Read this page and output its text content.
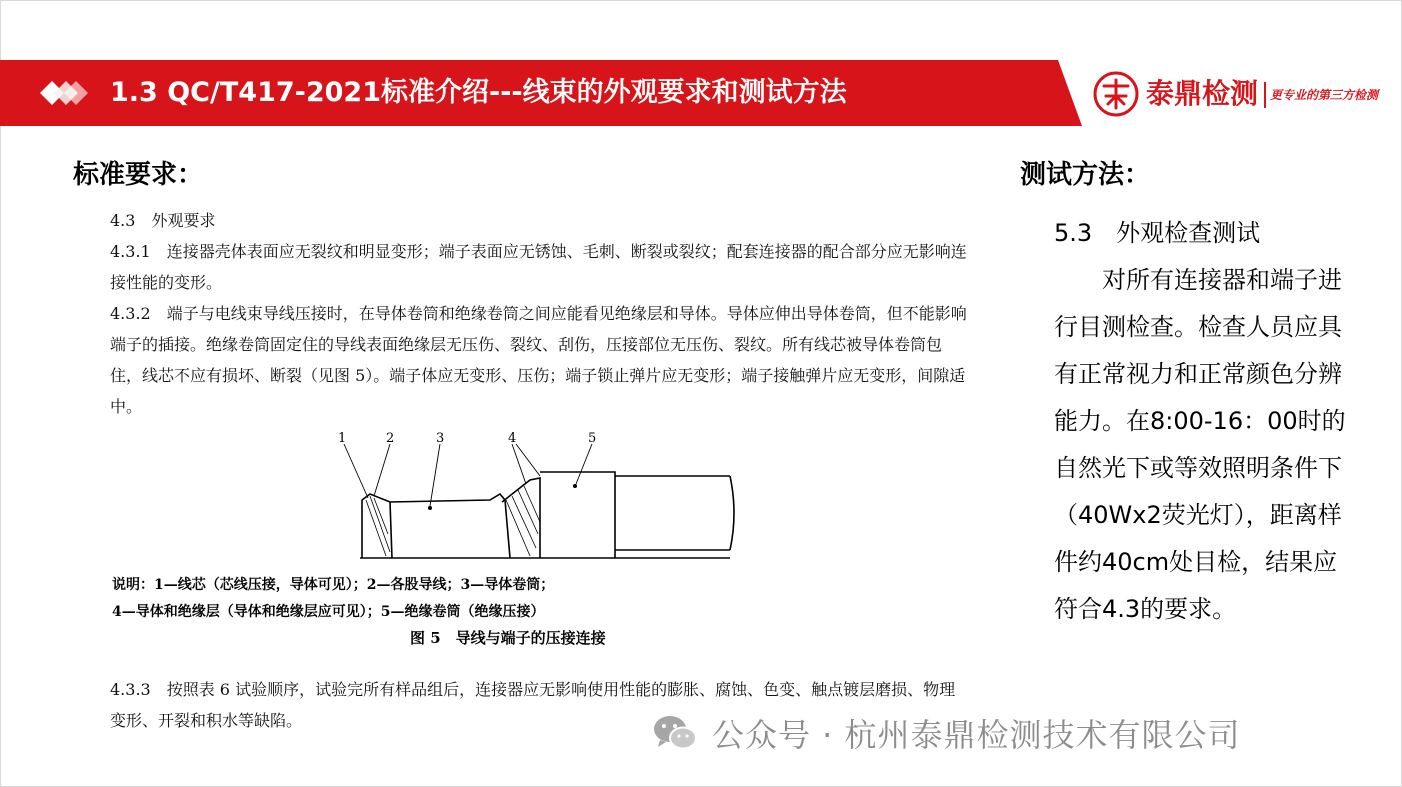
1.3 QC/T417-2021标准介绍---线束的外观要求和测试方法	泰鼎检测 更专业的第三方检测
标准要求：	测试方法：

4.3　外观要求

4.3.1　连接器壳体表面应无裂纹和明显变形；端子表面应无锈蚀、毛刺、断裂或裂纹；配套连接器的配合部分应无影响连接性能的变形。

4.3.2　端子与电线束导线压接时，在导体卷筒和绝缘卷筒之间应能看见绝缘层和导体。导体应伸出导体卷筒，但不能影响端子的插接。绝缘卷筒固定住的导线表面绝缘层无压伤、裂纹、刮伤，压接部位无压伤、裂纹。所有线芯被导体卷筒包住，线芯不应有损坏、断裂（见图 5）。端子体应无变形、压伤；端子锁止弹片应无变形；端子接触弹片应无变形，间隙适中。

1	2	3	4	5
说明：1—线芯（芯线压接，导体可见）；2—各股导线；3—导体卷筒；
4—导体和绝缘层（导体和绝缘层应可见）；5—绝缘卷筒（绝缘压接）
图 5　导线与端子的压接连接

4.3.3　按照表 6 试验顺序，试验完所有样品组后，连接器应无影响使用性能的膨胀、腐蚀、色变、触点镀层磨损、物理变形、开裂和积水等缺陷。

5.3　外观检查测试

对所有连接器和端子进行目测检查。检查人员应具有正常视力和正常颜色分辨能力。在8:00-16：00时的自然光下或等效照明条件下（40Wx2荧光灯），距离样件约40cm处目检，结果应符合4.3的要求。

公众号 · 杭州泰鼎检测技术有限公司
